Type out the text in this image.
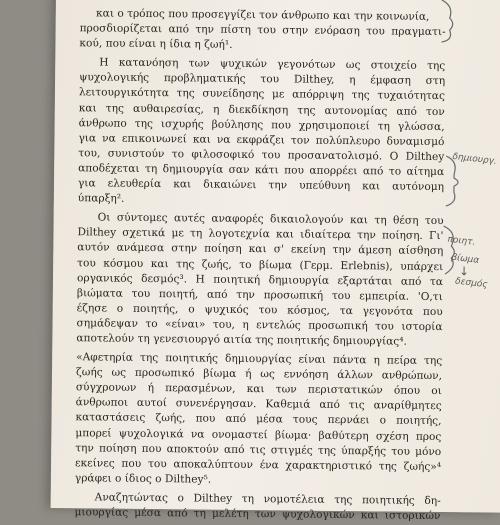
και ο τρόπος που προσεγγίζει τον άνθρωπο και την κοινωνία,
προσδιορίζεται από την πίστη του στην ενόραση του πραγματι-
κού, που είναι η ίδια η ζωή¹.
Η κατανόηση των ψυχικών γεγονότων ως στοιχείο της
ψυχολογικής προβληματικής του Dilthey, η έμφαση στη
λειτουργικότητα της συνείδησης με απόρριψη της τυχαιότητας
και της αυθαιρεσίας, η διεκδίκηση της αυτονομίας από τον
άνθρωπο της ισχυρής βούλησης που χρησιμοποιεί τη γλώσσα,
για να επικοινωνεί και να εκφράζει τον πολύπλευρο δυναμισμό
του, συνιστούν το φιλοσοφικό του προσανατολισμό. Ο Dilthey
αποδέχεται τη δημιουργία σαν κάτι που απορρέει από το αίτημα
για ελευθερία και δικαιώνει την υπεύθυνη και αυτόνομη
ύπαρξη².
Οι σύντομες αυτές αναφορές δικαιολογούν και τη θέση του
Dilthey σχετικά με τη λογοτεχνία και ιδιαίτερα την ποίηση. Γι'
αυτόν ανάμεσα στην ποίηση και σ' εκείνη την άμεση αίσθηση
του κόσμου και της ζωής, το βίωμα (Γερμ. Erlebnis), υπάρχει
οργανικός δεσμός³. Η ποιητική δημιουργία εξαρτάται από τα
βιώματα του ποιητή, από την προσωπική του εμπειρία. 'Ο,τι
έζησε ο ποιητής, ο ψυχικός του κόσμος, τα γεγονότα που
σημάδεψαν το «είναι» του, η εντελώς προσωπική του ιστορία
αποτελούν τη γενεσιουργό αιτία της ποιητικής δημιουργίας⁴.
«Αφετηρία της ποιητικής δημιουργίας είναι πάντα η πείρα της
ζωής ως προσωπικό βίωμα ή ως εννόηση άλλων ανθρώπων,
σύγχρονων ή περασμένων, και των περιστατικών όπου οι
άνθρωποι αυτοί συνενέργησαν. Καθεμιά από τις αναρίθμητες
καταστάσεις ζωής, που από μέσα τους περνάει ο ποιητής,
μπορεί ψυχολογικά να ονομαστεί βίωμα· βαθύτερη σχέση προς
την ποίηση που αποκτούν από τις στιγμές της ύπαρξής του μόνο
εκείνες που του αποκαλύπτουν ένα χαρακτηριστικό της ζωής»⁴
γράφει ο ίδιος ο Dilthey⁵.
Αναζητώντας ο Dilthey τη νομοτέλεια της ποιητικής δη-
μιουργίας μέσα από τη μελέτη των ψυχολογικών και ιστορικών
δημιουργ.
ποιητ.
βίωμα
↓
δεσμός
